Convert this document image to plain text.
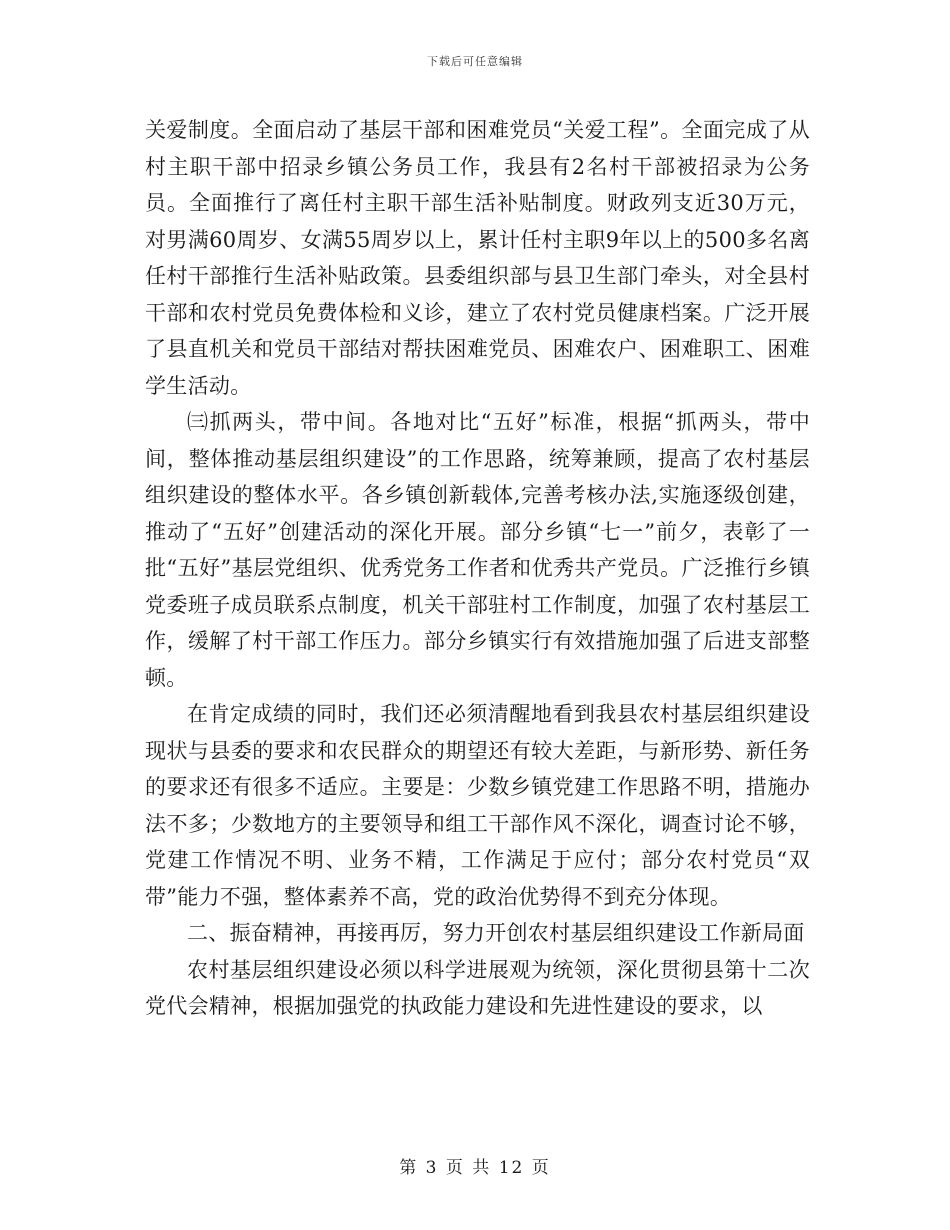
下载后可任意编辑

关爱制度。全面启动了基层干部和困难党员“关爱工程”。全面完成了从村主职干部中招录乡镇公务员工作，我县有2名村干部被招录为公务员。全面推行了离任村主职干部生活补贴制度。财政列支近30万元，对男满60周岁、女满55周岁以上，累计任村主职9年以上的500多名离任村干部推行生活补贴政策。县委组织部与县卫生部门牵头，对全县村干部和农村党员免费体检和义诊，建立了农村党员健康档案。广泛开展了县直机关和党员干部结对帮扶困难党员、困难农户、困难职工、困难学生活动。

㈢抓两头，带中间。各地对比“五好”标准，根据“抓两头，带中间，整体推动基层组织建设”的工作思路，统筹兼顾，提高了农村基层组织建设的整体水平。各乡镇创新载体,完善考核办法,实施逐级创建，推动了“五好”创建活动的深化开展。部分乡镇“七一”前夕，表彰了一批“五好”基层党组织、优秀党务工作者和优秀共产党员。广泛推行乡镇党委班子成员联系点制度，机关干部驻村工作制度，加强了农村基层工作，缓解了村干部工作压力。部分乡镇实行有效措施加强了后进支部整顿。

在肯定成绩的同时，我们还必须清醒地看到我县农村基层组织建设现状与县委的要求和农民群众的期望还有较大差距，与新形势、新任务的要求还有很多不适应。主要是：少数乡镇党建工作思路不明，措施办法不多；少数地方的主要领导和组工干部作风不深化，调查讨论不够，党建工作情况不明、业务不精，工作满足于应付；部分农村党员“双带”能力不强，整体素养不高，党的政治优势得不到充分体现。

二、振奋精神，再接再厉，努力开创农村基层组织建设工作新局面

农村基层组织建设必须以科学进展观为统领，深化贯彻县第十二次党代会精神，根据加强党的执政能力建设和先进性建设的要求，以

第 3 页 共 12 页
